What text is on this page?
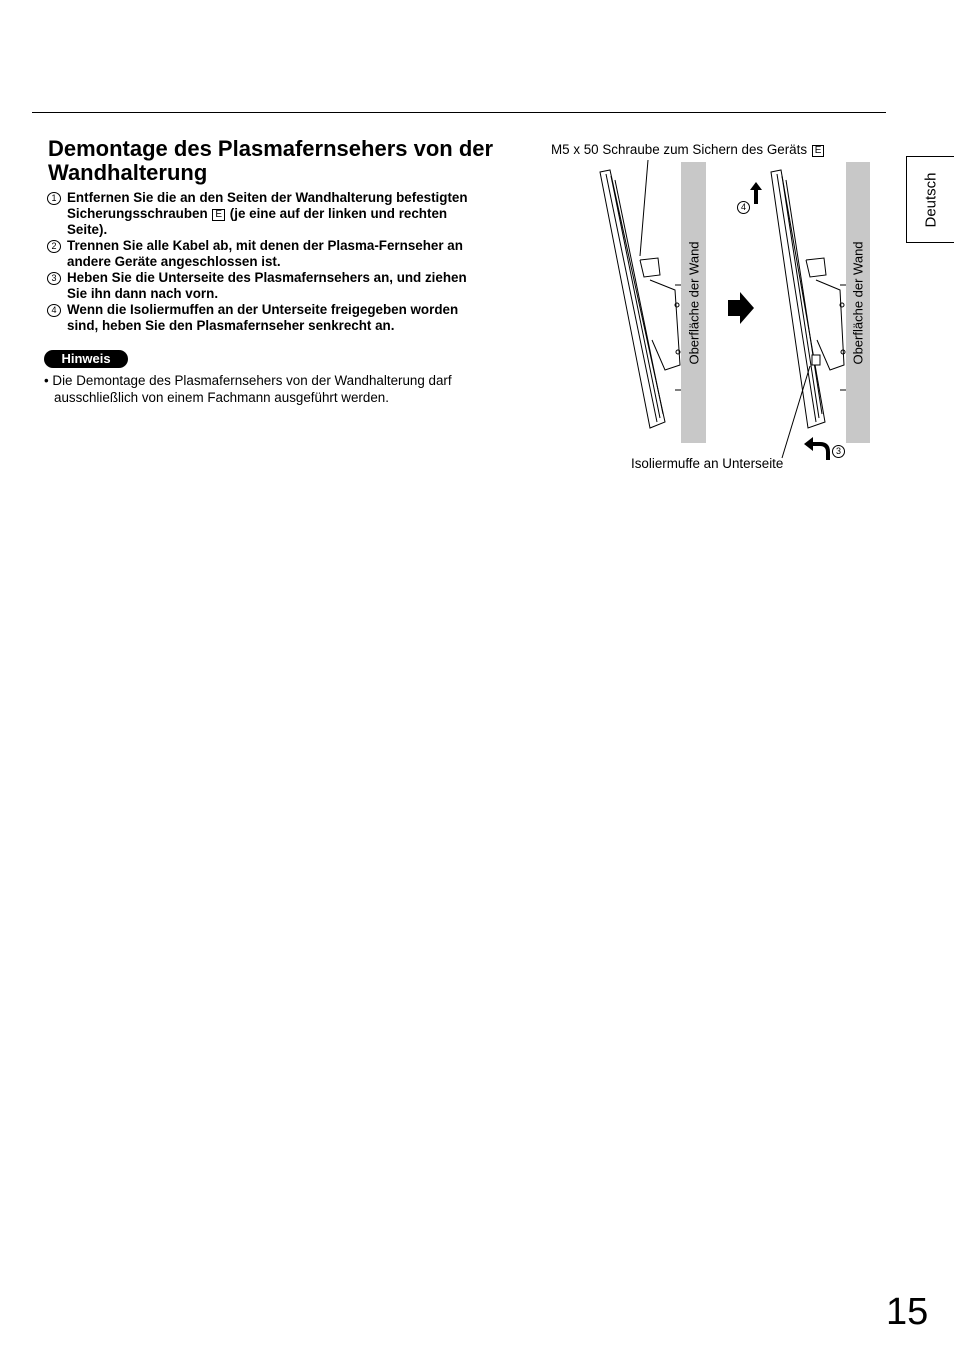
Deutsch
Demontage des Plasmafernsehers von der Wandhalterung
1 Entfernen Sie die an den Seiten der Wandhalterung befestigten Sicherungsschrauben E (je eine auf der linken und rechten Seite).
2 Trennen Sie alle Kabel ab, mit denen der Plasma-Fernseher an andere Geräte angeschlossen ist.
3 Heben Sie die Unterseite des Plasmafernsehers an, und ziehen Sie ihn dann nach vorn.
4 Wenn die Isoliermuffen an der Unterseite freigegeben worden sind, heben Sie den Plasmafernseher senkrecht an.
Hinweis

• Die Demontage des Plasmafernsehers von der Wandhalterung darf ausschließlich von einem Fachmann ausgeführt werden.

M5 x 50 Schraube zum Sichern des Geräts E
Oberfläche der Wand	Oberfläche der Wand
4
3
Isoliermuffe an Unterseite
15
